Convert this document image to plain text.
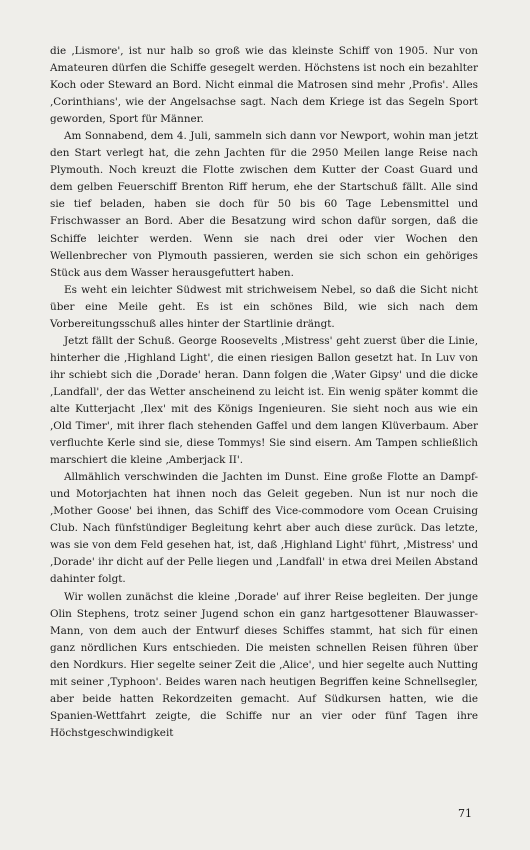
die ‚Lismore', ist nur halb so groß wie das kleinste Schiff von 1905. Nur von Amateuren dürfen die Schiffe gesegelt werden. Höchstens ist noch ein bezahlter Koch oder Steward an Bord. Nicht einmal die Matrosen sind mehr ‚Profis'. Alles ‚Corinthians', wie der Angelsachse sagt. Nach dem Kriege ist das Segeln Sport geworden, Sport für Männer.

Am Sonnabend, dem 4. Juli, sammeln sich dann vor Newport, wohin man jetzt den Start verlegt hat, die zehn Jachten für die 2950 Meilen lange Reise nach Plymouth. Noch kreuzt die Flotte zwischen dem Kutter der Coast Guard und dem gelben Feuerschiff Brenton Riff herum, ehe der Startschuß fällt. Alle sind sie tief beladen, haben sie doch für 50 bis 60 Tage Lebensmittel und Frischwasser an Bord. Aber die Besatzung wird schon dafür sorgen, daß die Schiffe leichter werden. Wenn sie nach drei oder vier Wochen den Wellenbrecher von Plymouth passieren, werden sie sich schon ein gehöriges Stück aus dem Wasser herausgefuttert haben.

Es weht ein leichter Südwest mit strichweisem Nebel, so daß die Sicht nicht über eine Meile geht. Es ist ein schönes Bild, wie sich nach dem Vorbereitungsschuß alles hinter der Startlinie drängt.

Jetzt fällt der Schuß. George Roosevelts ‚Mistress' geht zuerst über die Linie, hinterher die ‚Highland Light', die einen riesigen Ballon gesetzt hat. In Luv von ihr schiebt sich die ‚Dorade' heran. Dann folgen die ‚Water Gipsy' und die dicke ‚Landfall', der das Wetter anscheinend zu leicht ist. Ein wenig später kommt die alte Kutterjacht ‚Ilex' mit des Königs Ingenieuren. Sie sieht noch aus wie ein ‚Old Timer', mit ihrer flach stehenden Gaffel und dem langen Klüverbaum. Aber verfluchte Kerle sind sie, diese Tommys! Sie sind eisern. Am Tampen schließlich marschiert die kleine ‚Amberjack II'.

Allmählich verschwinden die Jachten im Dunst. Eine große Flotte an Dampf- und Motorjachten hat ihnen noch das Geleit gegeben. Nun ist nur noch die ‚Mother Goose' bei ihnen, das Schiff des Vice-commodore vom Ocean Cruising Club. Nach fünfstündiger Begleitung kehrt aber auch diese zurück. Das letzte, was sie von dem Feld gesehen hat, ist, daß ‚Highland Light' führt, ‚Mistress' und ‚Dorade' ihr dicht auf der Pelle liegen und ‚Landfall' in etwa drei Meilen Abstand dahinter folgt.

Wir wollen zunächst die kleine ‚Dorade' auf ihrer Reise begleiten. Der junge Olin Stephens, trotz seiner Jugend schon ein ganz hartgesottener Blauwasser-Mann, von dem auch der Entwurf dieses Schiffes stammt, hat sich für einen ganz nördlichen Kurs entschieden. Die meisten schnellen Reisen führen über den Nordkurs. Hier segelte seiner Zeit die ‚Alice', und hier segelte auch Nutting mit seiner ‚Typhoon'. Beides waren nach heutigen Begriffen keine Schnellsegler, aber beide hatten Rekordzeiten gemacht. Auf Südkursen hatten, wie die Spanien-Wettfahrt zeigte, die Schiffe nur an vier oder fünf Tagen ihre Höchstgeschwindigkeit

71
